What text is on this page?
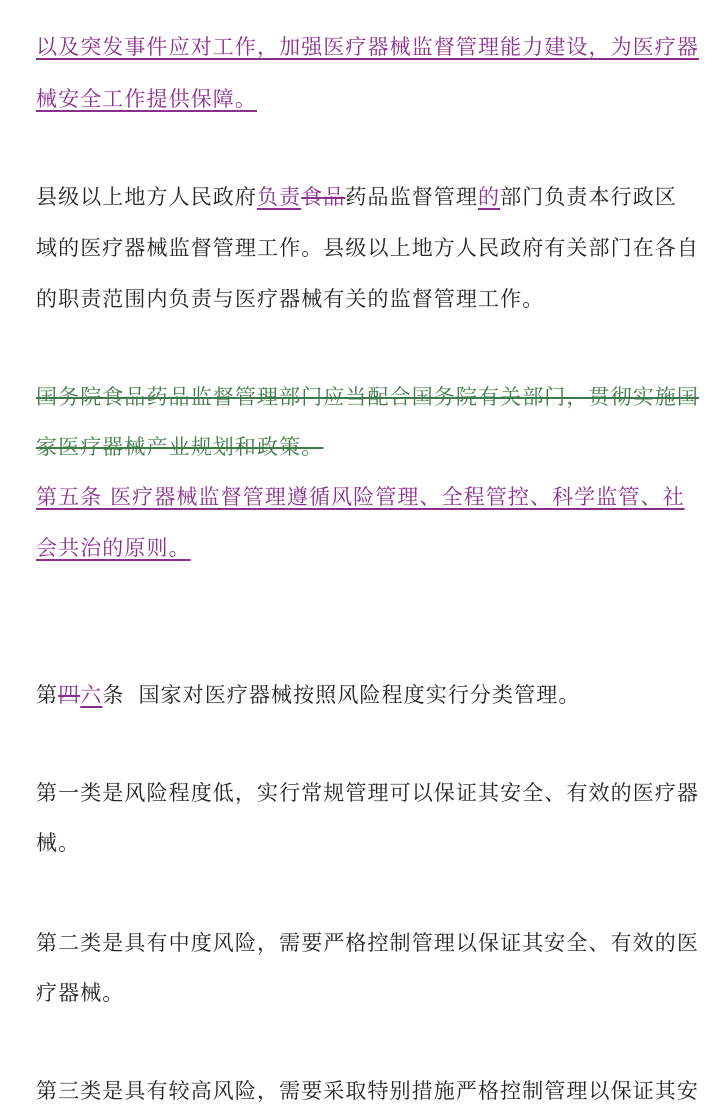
以及突发事件应对工作，加强医疗器械监督管理能力建设，为医疗器
械安全工作提供保障。
县级以上地方人民政府负责食品药品监督管理的部门负责本行政区
域的医疗器械监督管理工作。县级以上地方人民政府有关部门在各自
的职责范围内负责与医疗器械有关的监督管理工作。
国务院食品药品监督管理部门应当配合国务院有关部门，贯彻实施国
家医疗器械产业规划和政策。
第五条 医疗器械监督管理遵循风险管理、全程管控、科学监管、社
会共治的原则。
第四六条 国家对医疗器械按照风险程度实行分类管理。
第一类是风险程度低，实行常规管理可以保证其安全、有效的医疗器
械。
第二类是具有中度风险，需要严格控制管理以保证其安全、有效的医
疗器械。
第三类是具有较高风险，需要采取特别措施严格控制管理以保证其安
